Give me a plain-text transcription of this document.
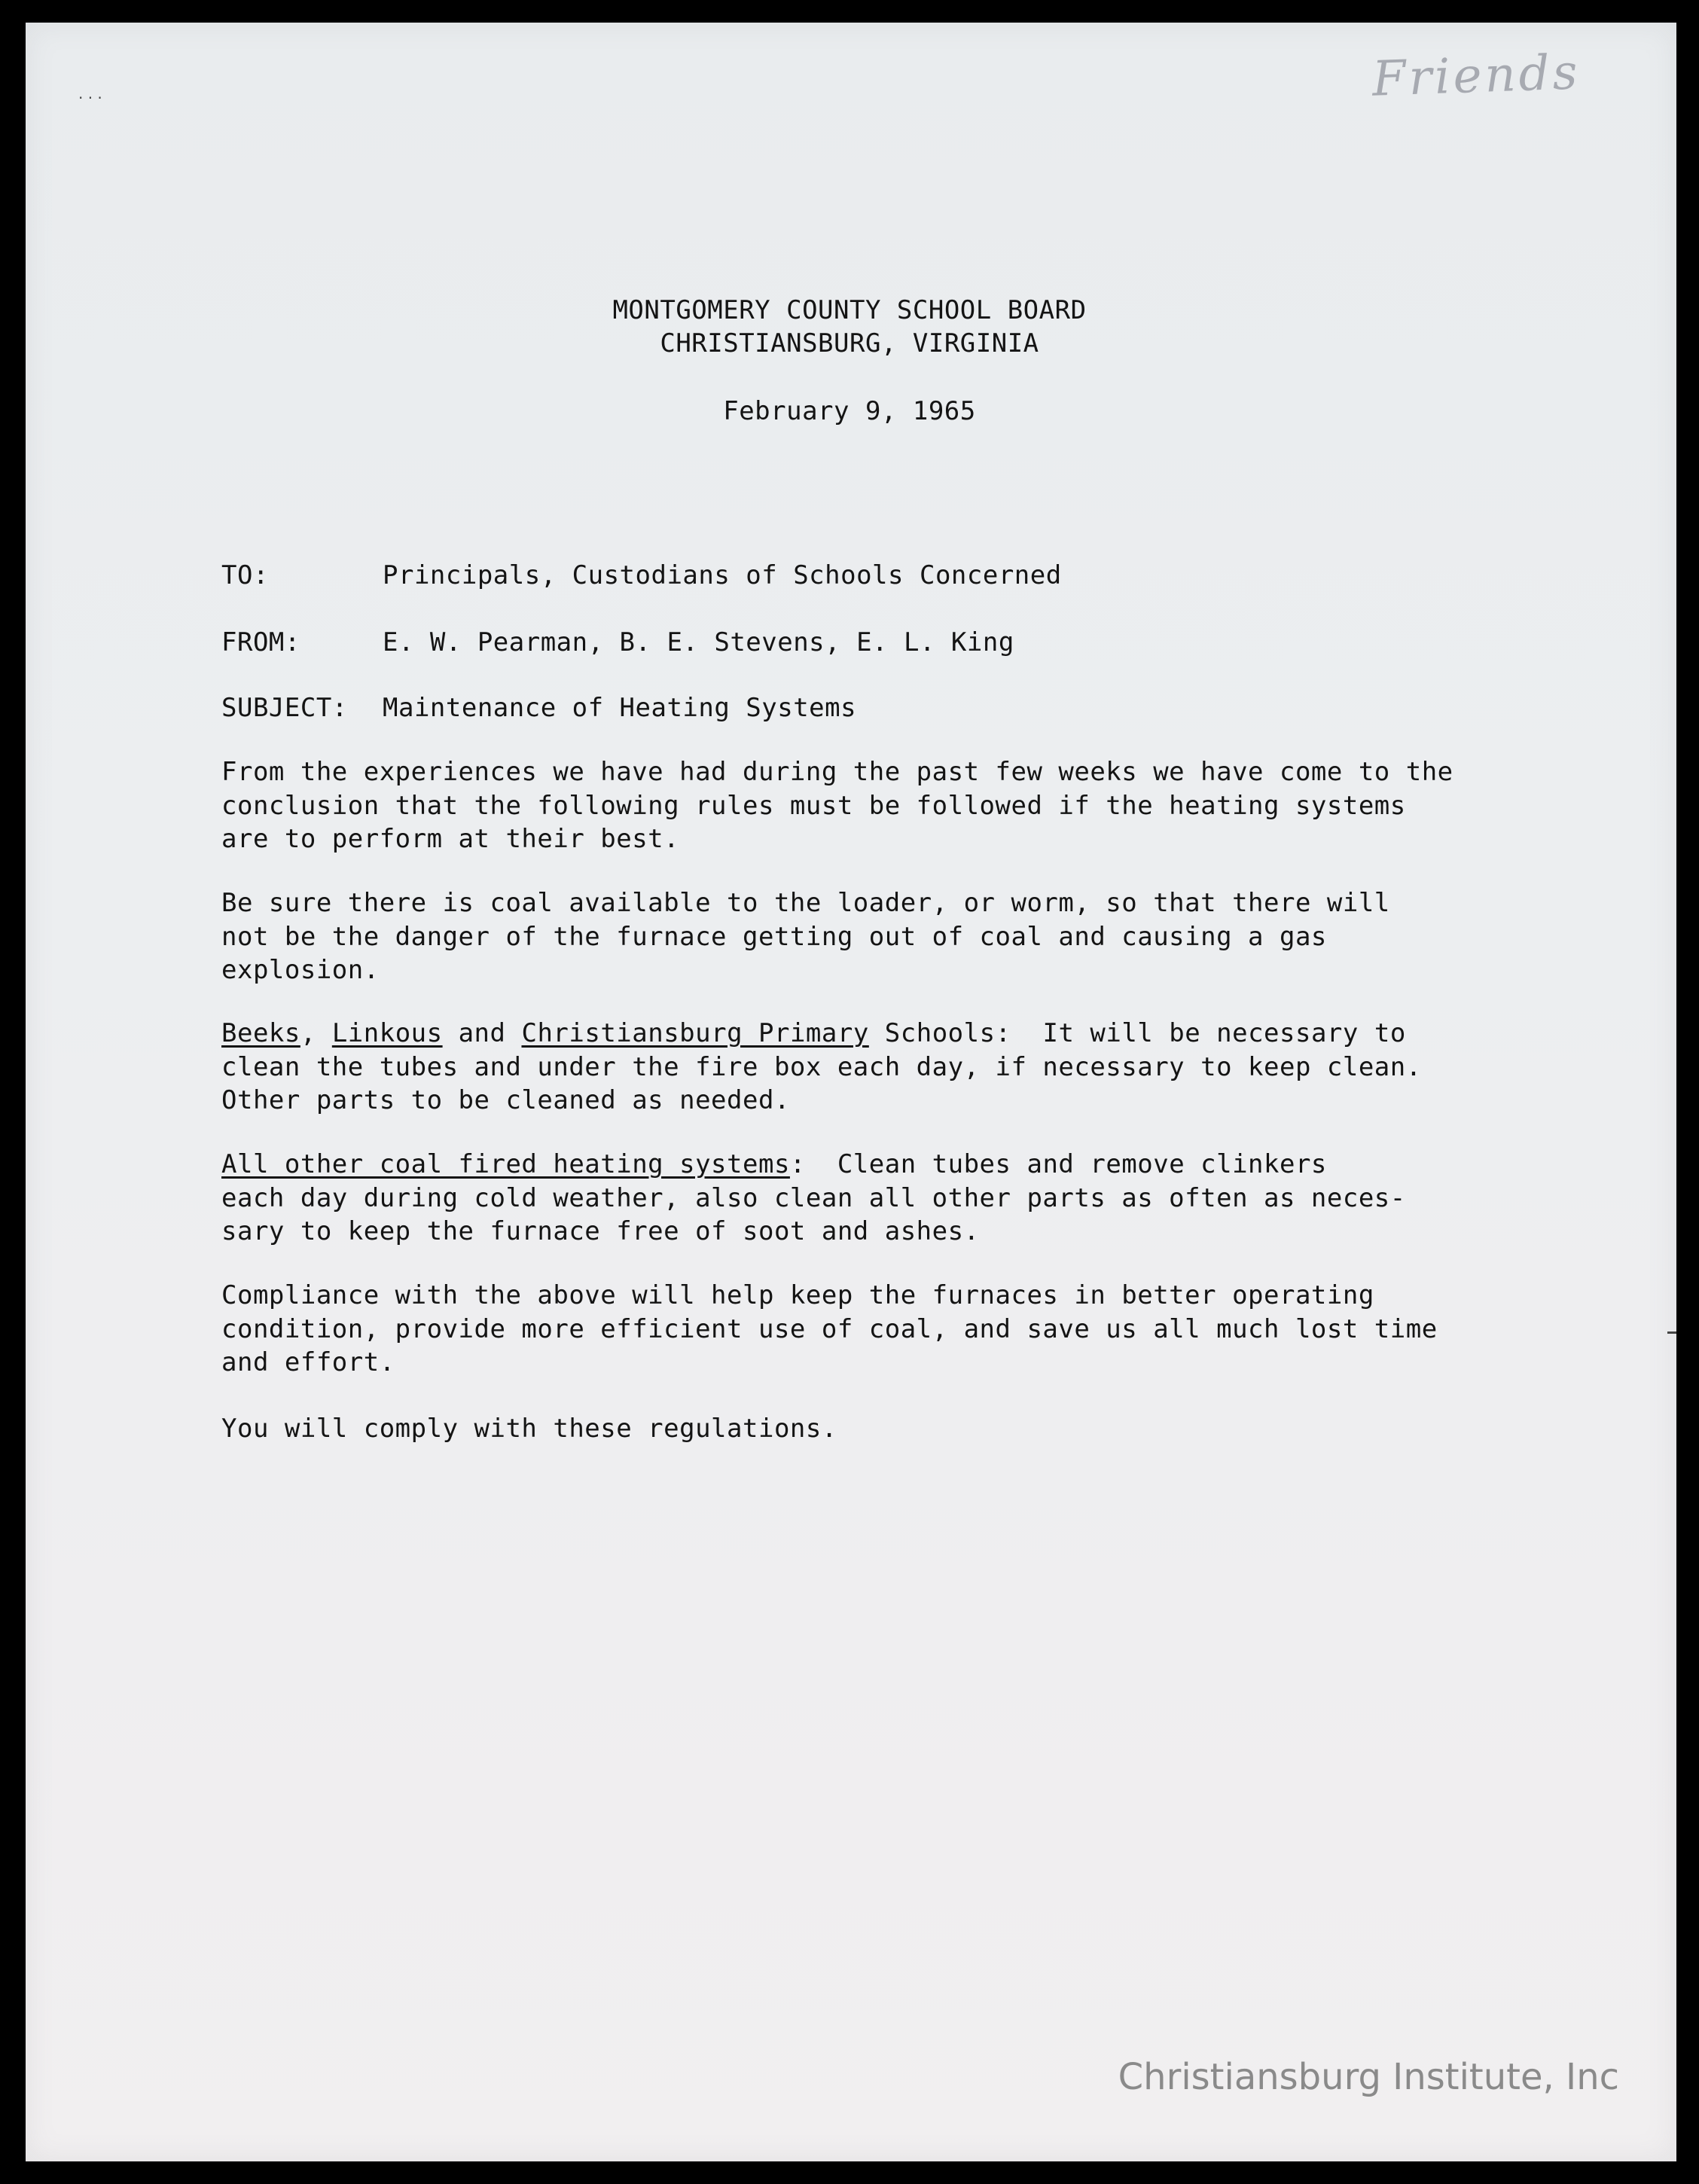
· · ·	Friends
MONTGOMERY COUNTY SCHOOL BOARD
CHRISTIANSBURG, VIRGINIA
February 9, 1965
TO:	Principals, Custodians of Schools Concerned
FROM:	E. W. Pearman, B. E. Stevens, E. L. King
SUBJECT: Maintenance of Heating Systems
From the experiences we have had during the past few weeks we have come to the
conclusion that the following rules must be followed if the heating systems
are to perform at their best.
Be sure there is coal available to the loader, or worm, so that there will
not be the danger of the furnace getting out of coal and causing a gas
explosion.
Beeks, Linkous and Christiansburg Primary Schools:  It will be necessary to
clean the tubes and under the fire box each day, if necessary to keep clean.
Other parts to be cleaned as needed.
All other coal fired heating systems:  Clean tubes and remove clinkers
each day during cold weather, also clean all other parts as often as neces-
sary to keep the furnace free of soot and ashes.
Compliance with the above will help keep the furnaces in better operating
condition, provide more efficient use of coal, and save us all much lost time
and effort.
You will comply with these regulations.
Christiansburg Institute, Inc
